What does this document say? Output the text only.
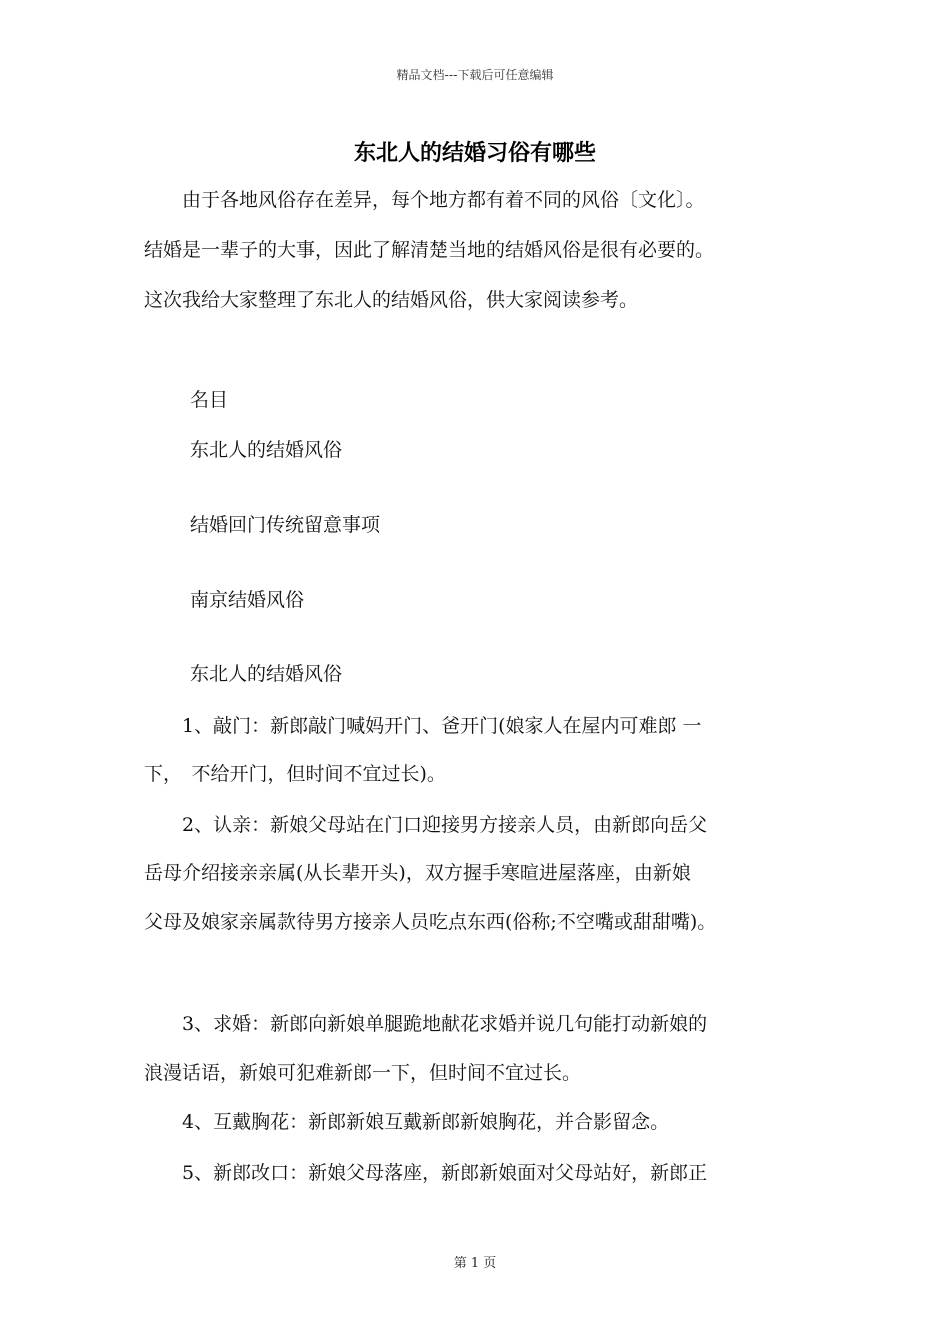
精品文档---下载后可任意编辑
东北人的结婚习俗有哪些
　　由于各地风俗存在差异，每个地方都有着不同的风俗〔文化〕。
结婚是一辈子的大事，因此了解清楚当地的结婚风俗是很有必要的。
这次我给大家整理了东北人的结婚风俗，供大家阅读参考。
名目
东北人的结婚风俗
结婚回门传统留意事项
南京结婚风俗
东北人的结婚风俗
　　1、敲门：新郎敲门喊妈开门、爸开门(娘家人在屋内可难郎 一
下，　不给开门，但时间不宜过长)。
　　2、认亲：新娘父母站在门口迎接男方接亲人员，由新郎向岳父
岳母介绍接亲亲属(从长辈开头)，双方握手寒暄进屋落座，由新娘
父母及娘家亲属款待男方接亲人员吃点东西(俗称;不空嘴或甜甜嘴)。
　　3、求婚：新郎向新娘单腿跪地献花求婚并说几句能打动新娘的
浪漫话语，新娘可犯难新郎一下，但时间不宜过长。
　　4、互戴胸花：新郎新娘互戴新郎新娘胸花，并合影留念。
　　5、新郎改口：新娘父母落座，新郎新娘面对父母站好，新郎正
第 1 页
